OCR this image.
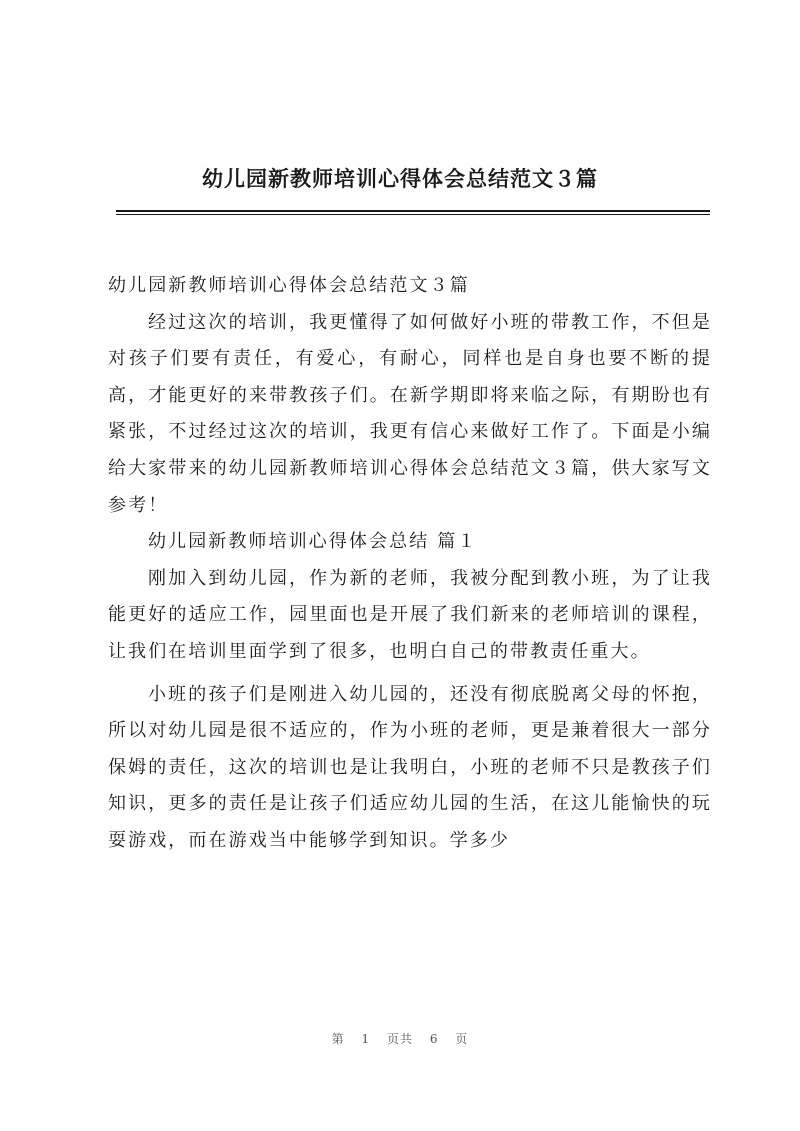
幼儿园新教师培训心得体会总结范文３篇

幼儿园新教师培训心得体会总结范文３篇

经过这次的培训，我更懂得了如何做好小班的带教工作，不但是对孩子们要有责任，有爱心，有耐心，同样也是自身也要不断的提高，才能更好的来带教孩子们。在新学期即将来临之际，有期盼也有紧张，不过经过这次的培训，我更有信心来做好工作了。下面是小编给大家带来的幼儿园新教师培训心得体会总结范文３篇，供大家写文参考！

幼儿园新教师培训心得体会总结 篇１

刚加入到幼儿园，作为新的老师，我被分配到教小班，为了让我能更好的适应工作，园里面也是开展了我们新来的老师培训的课程，让我们在培训里面学到了很多，也明白自己的带教责任重大。

小班的孩子们是刚进入幼儿园的，还没有彻底脱离父母的怀抱，所以对幼儿园是很不适应的，作为小班的老师，更是兼着很大一部分保姆的责任，这次的培训也是让我明白，小班的老师不只是教孩子们知识，更多的责任是让孩子们适应幼儿园的生活，在这儿能愉快的玩耍游戏，而在游戏当中能够学到知识。学多少

第 1 页共 6 页
